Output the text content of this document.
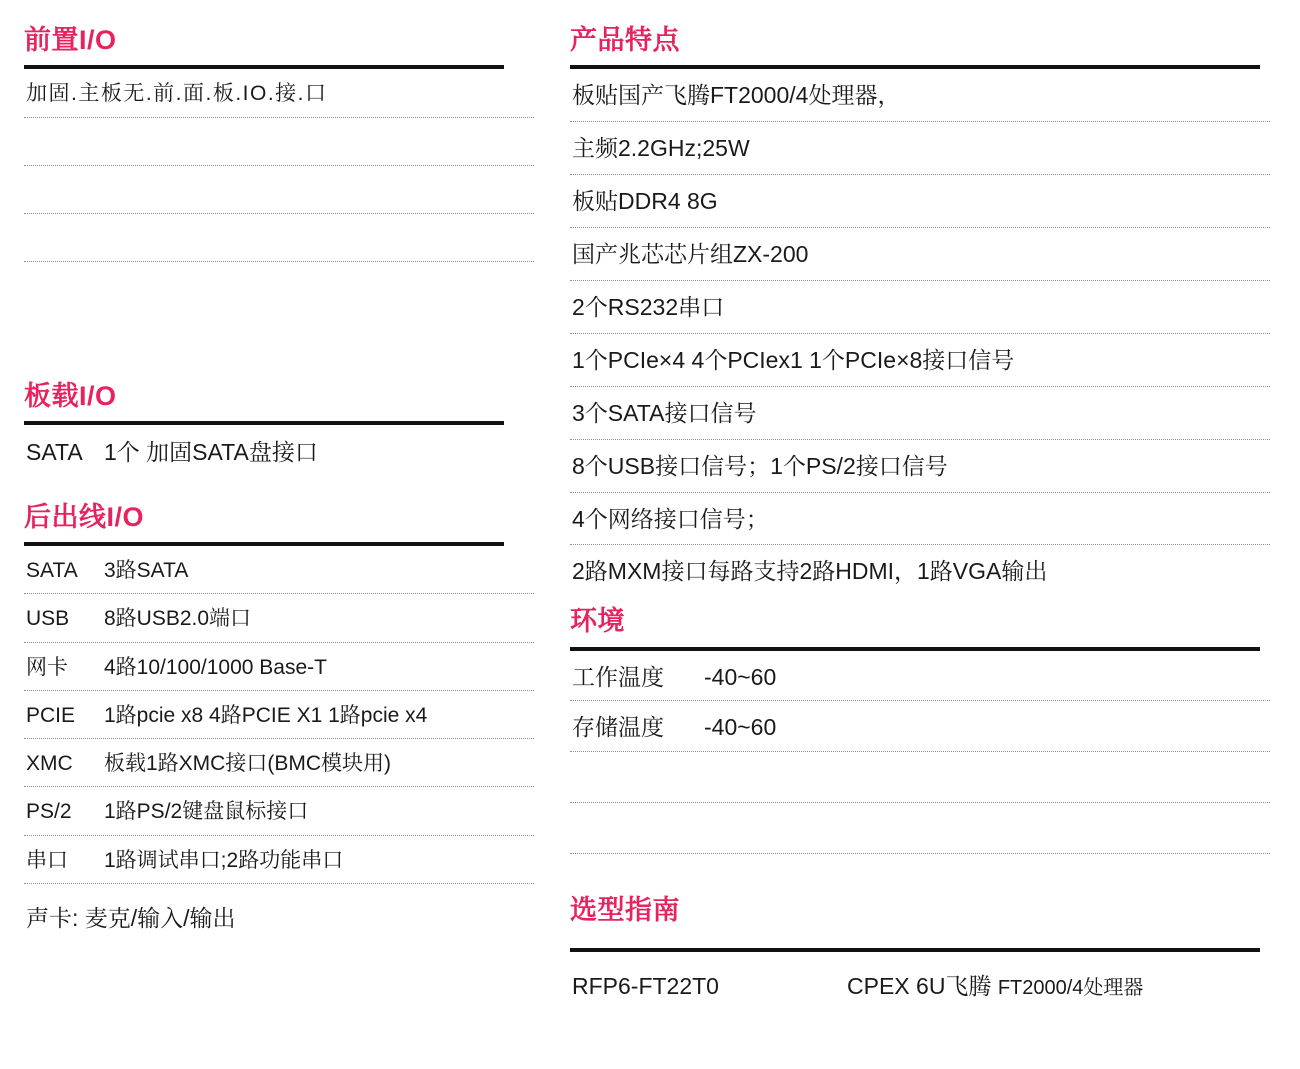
前置I/O
加固.主板无.前.面.板.IO.接.口

板载I/O
SATA 1个 加固SATA盘接口
后出线I/O
SATA 3路SATA
USB 8路USB2.0端口
网卡 4路10/100/1000 Base-T
PCIE 1路pcie x8 4路PCIE X1 1路pcie x4
XMC 板载1路XMC接口(BMC模块用)
PS/2 1路PS/2键盘鼠标接口
串口 1路调试串口;2路功能串口
声卡: 麦克/输入/输出
产品特点
板贴国产飞腾FT2000/4处理器，
主频2.2GHz;25W
板贴DDR4 8G
国产兆芯芯片组ZX-200
2个RS232串口
1个PCIe×4 4个PCIex1 1个PCIe×8接口信号
3个SATA接口信号
8个USB接口信号；1个PS/2接口信号
4个网络接口信号；
2路MXM接口每路支持2路HDMI，1路VGA输出
环境
工作温度 -40~60
存储温度 -40~60

选型指南
RFP6-FT22T0	CPEX 6U飞腾 FT2000/4处理器
